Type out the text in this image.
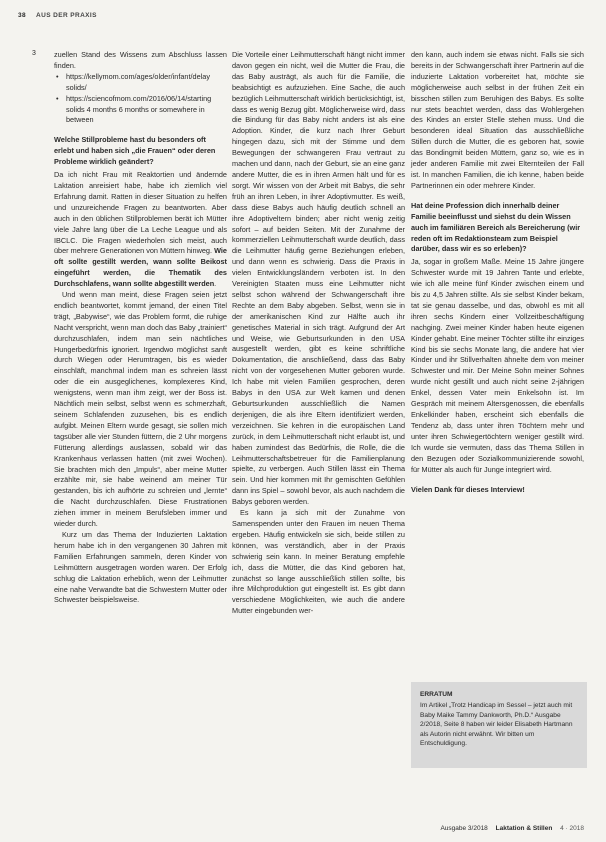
38 AUS DER PRAXIS
3 zuellen Stand des Wissens zum Abschluss lassen finden.

• https://kellymom.com/ages/older/infant/delay solids/
• https://sciencofmom.com/2016/06/14/starting solids 4 months 6 months or somewhere in between

Welche Stillprobleme hast du besonders oft erlebt und haben sich „die Frauen“ oder deren Probleme wirklich geändert?

Da ich nicht Frau mit Reaktortien und ändernde Laktation anreisiert habe, habe ich ziemlich viel Erfahrung damit. Ratten in dieser Situation zu helfen und unzureichende Fragen zu beantworten. Aber auch in den üblichen Stillproblemen berät ich Mütter viele Jahre lang über die La Leche League und als IBCLC. Die Fragen wiederholen sich meist, auch über mehrere Generationen von Müttern hinweg. Wie oft sollte gestillt werden, wann sollte Beikost eingeführt werden, die Thematik des Durchschlafens, wann sollte abgestillt werden.

Und wenn man meint, diese Fragen seien jetzt endlich beantwortet, kommt jemand, der einen Titel trägt, „Babywise“, wie das Problem formt, die ruhige Nacht verspricht, wenn man doch das Baby „trainiert“ durchzuschlafen, indem man sein nächtliches Hungerbedürfnis ignoriert. Irgendwo möglichst sanft durch Wiegen oder Herumtragen, bis es wieder einschläft, manchmal indem man es schreien lässt oder die ein ausgeglichenes, komplexeres Kind, wenigstens, wenn man ihm zeigt, wer der Boss ist. Nächtlich mein selbst, selbst wenn es schmerzhaft, seinem Schlafenden zuzusehen, bis es endlich aufgibt. Meinen Eltern wurde gesagt, sie sollen mich tagsüber alle vier Stunden füttern, die 2 Uhr morgens Fütterung allerdings auslassen, sobald wir das Krankenhaus verlassen hatten (mit zwei Wochen). Sie brachten mich den „Impuls“, aber meine Mutter erzählte mir, sie habe weinend am meiner Tür gestanden, bis ich aufhörte zu schreien und „lernte“ die Nacht durchzuschlafen. Diese Frustrationen ziehen immer in meinem Berufsleben immer und wieder durch.

Kurz um das Thema der Induzierten Laktation herum habe ich in den vergangenen 30 Jahren mit Familien Erfahrungen sammeln, deren Kinder von Leihmüttern ausgetragen worden waren. Der Erfolg schlug die Laktation erheblich, wenn der Leihmutter eine nahe Verwandte bat die Schwestern Mutter oder Schwester beispielsweise.

Die Vorteile einer Leihmutterschaft hängt nicht immer davon gegen ein nicht, weil die Mutter die Frau, die das Baby austrägt, als auch für die Familie, die beabsichtigt es aufzuziehen. Eine Sache, die auch bezüglich Leihmutterschaft wirklich berücksichtigt, ist, dass es wenig Bezug gibt. Möglicherweise wird, dass die Bindung für das Baby nicht anders ist als eine Adoption. Kinder, die kurz nach Ihrer Geburt hingegen dazu, sich mit der Stimme und dem Bewegungen der schwangeren Frau vertraut zu machen und dann, nach der Geburt, sie an eine ganz andere Mutter, die es in ihren Armen hält und für es sorgt. Wir wissen von der Arbeit mit Babys, die sehr früh an ihren Leben, in ihrer Adoptivmutter. Es weiß, dass diese Babys auch häufig deutlich schnell an ihre Adoptiveltern binden; aber nicht wenig zeitig sofort – auf beiden Seiten. Mit der Zunahme der kommerziellen Leihmutterschaft wurde deutlich, dass die Leihmutter häufig gerne Beziehungen erleben, und dann wenn es schwierig. Dass die Praxis in vielen Entwicklungsländern verboten ist. In den Vereinigten Staaten muss eine Leihmutter nicht selbst schon während der Schwangerschaft ihre Rechte an dem Baby abgeben. Selbst, wenn sie in der amerikanischen Kind zur Hälfte auch ihr genetisches Material in sich trägt. Aufgrund der Art und Weise, wie Geburtsurkunden in den USA ausgestellt werden, gibt es keine schriftliche Dokumentation, die anschließend, dass das Baby nicht von der vorgesehenen Mutter geboren wurde. Ich habe mit vielen Familien gesprochen, deren Babys in den USA zur Welt kamen und denen Geburtsurkunden ausschließlich die Namen derjenigen, die als ihre Eltern identifiziert werden, verzeichnen. Sie kehren in die europäischen Land zurück, in dem Leihmutterschaft nicht erlaubt ist, und haben zumindest das Bedürfnis, die Rolle, die die Leihmutterschaftsbetreuer für die Familienplanung spielte, zu verbergen. Auch Stillen lässt ein Thema sein. Und hier kommen mit Ihr gemischten Gefühlen dann ins Spiel – sowohl bevor, als auch nachdem die Babys geboren werden.

Es kann ja sich mit der Zunahme von Samenspenden unter den Frauen im neuen Thema ergeben. Häufig entwickeln sie sich, beide stillen zu können, was verständlich, aber in der Praxis schwierig sein kann. In meiner Beratung empfehle ich, dass die Mütter, die das Kind geboren hat, zunächst so lange ausschließlich stillen sollte, bis ihre Milchproduktion gut eingestellt ist. Es gibt dann verschiedene Möglichkeiten, wie auch die andere Mutter eingebunden wer-

den kann, auch indem sie etwas nicht. Falls sie sich bereits in der Schwangerschaft ihrer Partnerin auf die induzierte Laktation vorbereitet hat, möchte sie möglicherweise auch selbst in der frühen Zeit ein bisschen stillen zum Beruhigen des Babys. Es sollte nur stets beachtet werden, dass das Wohlergehen des Kindes an erster Stelle stehen muss. Und die besonderen ideal Situation das ausschließliche Stillen durch die Mutter, die es geboren hat, sowie das Bondingmit beiden Müttern, ganz so, wie es in jeder anderen Familie mit zwei Elternteilen der Fall ist. In manchen Familien, die ich kenne, haben beide Partnerinnen ein oder mehrere Kinder.

Hat deine Profession dich innerhalb deiner Familie beeinflusst und siehst du dein Wissen auch im familiären Bereich als Bereicherung (wir reden oft im Redaktionsteam zum Beispiel darüber, dass wir es so erleben)?

Ja, sogar in großem Maße. Meine 15 Jahre jüngere Schwester wurde mit 19 Jahren Tante und erlebte, wie ich alle meine fünf Kinder zwischen einem und bis zu 4,5 Jahren stillte. Als sie selbst Kinder bekam, tat sie genau dasselbe, und das, obwohl es mit all ihren sechs Kindern einer Vollzeitbeschäftigung nachging. Zwei meiner Kinder haben heute eigenen Kinder gehabt. Eine meiner Töchter stillte ihr einziges Kind bis sie sechs Monate lang, die andere hat vier Kinder und ihr Stillverhalten ähnelte dem von meiner Schwester und mir. Der Meine Sohn meiner Sohnes wurde nicht gestillt und auch nicht seine 2-jährigen Enkel, dessen Vater mein Enkelsohn ist. Im Gespräch mit meinem Altersgenossen, die ebenfalls Enkelkinder haben, erscheint sich ebenfalls die Tendenz ab, dass unter ihren Töchtern mehr und unter ihren Schwiegertöchtern weniger gestillt wird. Ich wurde sie vermuten, dass das Thema Stillen in den Bezugen oder Sozialkommunizierende sowohl, für Mütter als auch für Junge integriert wird.

Vielen Dank für dieses Interview!

ERRATUM
Im Artikel „Trotz Handicap im Sessel – jetzt auch mit Baby Maike Tammy Dankworth, Ph.D.“ Ausgabe 2/2018, Seite 8 haben wir leider Elisabeth Hartmann als Autorin nicht erwähnt. Wir bitten um Entschuldigung.
Ausgabe 3/2018 Laktation & Stillen 4 · 2018
